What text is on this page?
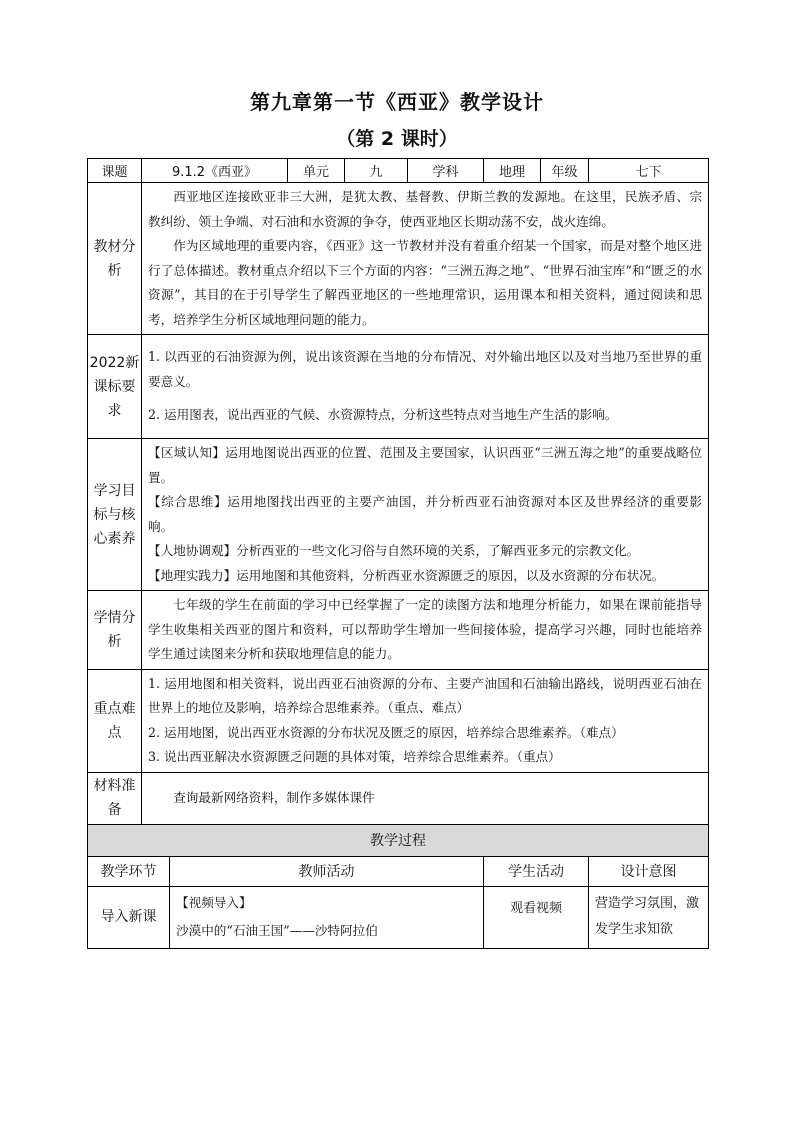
第九章第一节《西亚》教学设计
（第 2 课时）
课题	9.1.2《西亚》		单元	九	学科	地理	年级	七下
教材分析	西亚地区连接欧亚非三大洲，是犹太教、基督教、伊斯兰教的发源地。在这里，民族矛盾、宗教纠纷、领土争端、对石油和水资源的争夺，使西亚地区长期动荡不安，战火连绵。

作为区域地理的重要内容，《西亚》这一节教材并没有着重介绍某一个国家，而是对整个地区进行了总体描述。教材重点介绍以下三个方面的内容：“三洲五海之地”、“世界石油宝库”和“匮乏的水资源”，其目的在于引导学生了解西亚地区的一些地理常识，运用课本和相关资料，通过阅读和思考，培养学生分析区域地理问题的能力。							

2022新课标要求	1. 以西亚的石油资源为例，说出该资源在当地的分布情况、对外输出地区以及对当地乃至世界的重要意义。

2. 运用图表，说出西亚的气候、水资源特点，分析这些特点对当地生产生活的影响。							

学习目标与核心素养	【区域认知】运用地图说出西亚的位置、范围及主要国家，认识西亚“三洲五海之地”的重要战略位置。

【综合思维】运用地图找出西亚的主要产油国，并分析西亚石油资源对本区及世界经济的重要影响。

【人地协调观】分析西亚的一些文化习俗与自然环境的关系，了解西亚多元的宗教文化。

【地理实践力】运用地图和其他资料，分析西亚水资源匮乏的原因，以及水资源的分布状况。							

学情分析	七年级的学生在前面的学习中已经掌握了一定的读图方法和地理分析能力，如果在课前能指导学生收集相关西亚的图片和资料，可以帮助学生增加一些间接体验，提高学习兴趣，同时也能培养学生通过读图来分析和获取地理信息的能力。							

重点难点	1. 运用地图和相关资料，说出西亚石油资源的分布、主要产油国和石油输出路线，说明西亚石油在世界上的地位及影响，培养综合思维素养。（重点、难点）

2. 运用地图，说出西亚水资源的分布状况及匮乏的原因，培养综合思维素养。（难点）

3. 说出西亚解决水资源匮乏问题的具体对策，培养综合思维素养。（重点）							

材料准备	查询最新网络资料，制作多媒体课件							

教学过程								
教学环节		教师活动				学生活动		设计意图
导入新课		【视频导入】

沙漠中的“石油王国”——沙特阿拉伯				观看视频		营造学习氛围，激发学生求知欲
